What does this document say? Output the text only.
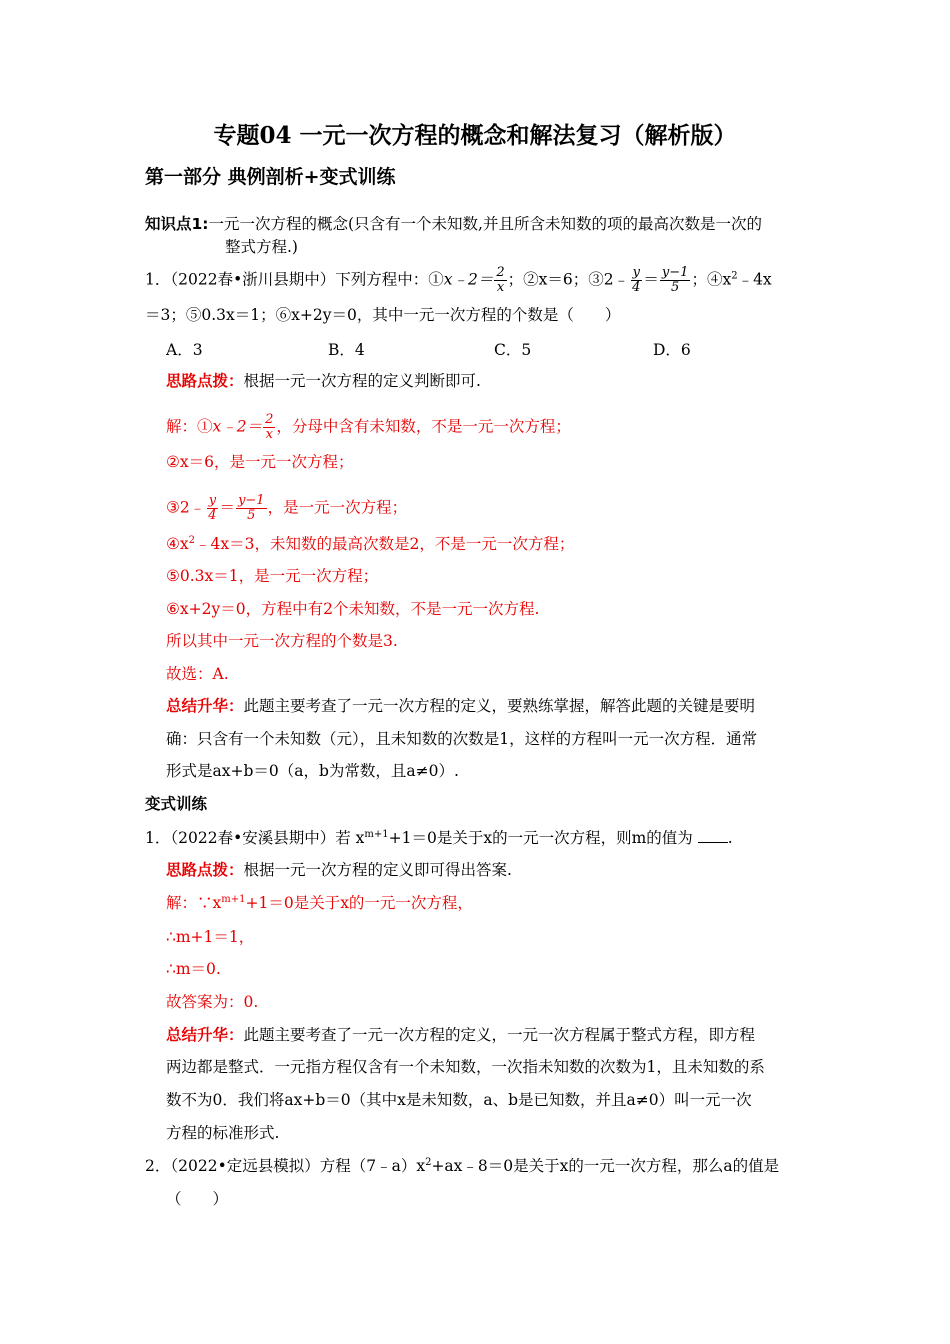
专题04 一元一次方程的概念和解法复习（解析版）
第一部分 典例剖析+变式训练
知识点1:一元一次方程的概念(只含有一个未知数,并且所含未知数的项的最高次数是一次的
整式方程.)
1．（2022春•浙川县期中）下列方程中：①x﹣2＝ $\frac{2}{x}$ ；②x＝6；③2﹣ $\frac{y}{4} = \frac{y-1}{5}$ ；$④x^2﹣4x$
＝3；⑤0.3x＝1；⑥x+2y＝0，其中一元一次方程的个数是（　　）
A．3	B．4	C．5	D．6
思路点拨：根据一元一次方程的定义判断即可.
解：①x﹣2＝ $\frac{2}{x}$ ，分母中含有未知数，不是一元一次方程；
②x＝6，是一元一次方程；
③2﹣ $\frac{y}{4} = \frac{y-1}{5}$ ，是一元一次方程；
$④x^2﹣4x=3$，未知数的最高次数是2，不是一元一次方程；
⑤0.3x＝1，是一元一次方程；
⑥x+2y＝0，方程中有2个未知数，不是一元一次方程.
所以其中一元一次方程的个数是3.
故选：A.
总结升华：此题主要考查了一元一次方程的定义，要熟练掌握，解答此题的关键是要明
确：只含有一个未知数（元），且未知数的次数是1，这样的方程叫一元一次方程．通常
形式是ax+b＝0（a，b为常数，且a≠0）.
变式训练
1．（2022春•安溪县期中）若 $x^{m+1}+1=0$是关于x的一元一次方程，则m的值为 .
思路点拨：根据一元一次方程的定义即可得出答案.
解：$\because x^{m+1}+1=0$是关于x的一元一次方程，
∴m+1＝1，
∴m＝0.
故答案为：0.
总结升华：此题主要考查了一元一次方程的定义，一元一次方程属于整式方程，即方程
两边都是整式．一元指方程仅含有一个未知数，一次指未知数的次数为1，且未知数的系
数不为0．我们将ax+b＝0（其中x是未知数，a、b是已知数，并且a≠0）叫一元一次
方程的标准形式.
2．（2022•定远县模拟）方程$(7﹣a)x^2+ax﹣8=0$是关于x的一元一次方程，那么a的值是
（　　）
